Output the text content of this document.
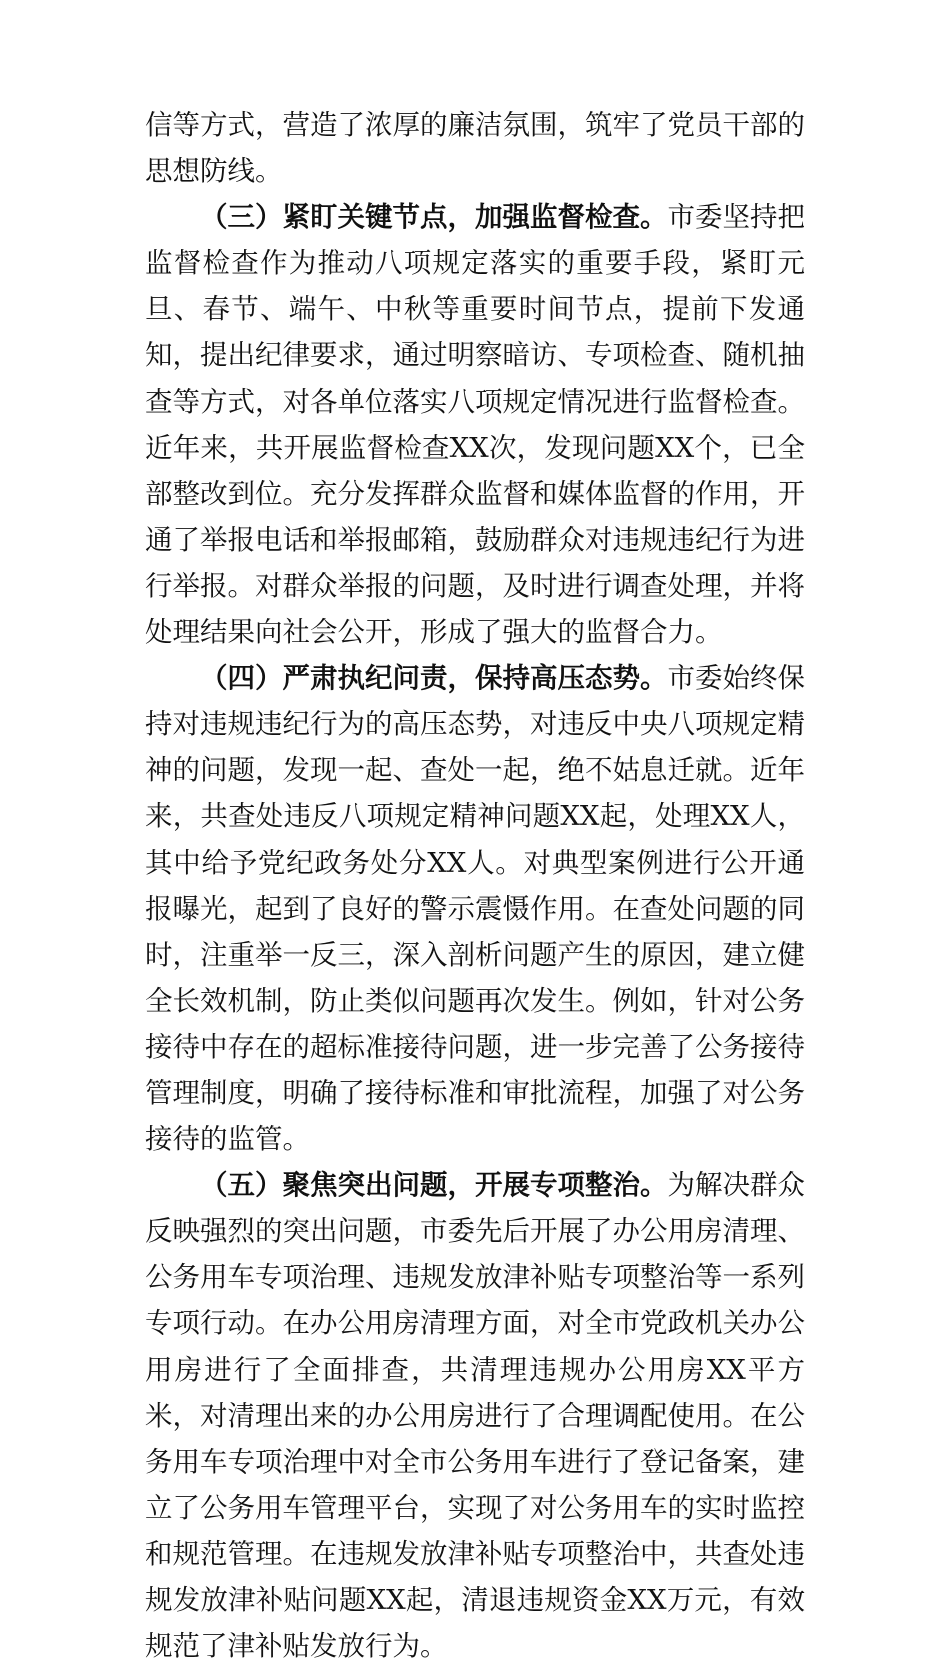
信等方式，营造了浓厚的廉洁氛围，筑牢了党员干部的思想防线。

（三）紧盯关键节点，加强监督检查。市委坚持把监督检查作为推动八项规定落实的重要手段，紧盯元旦、春节、端午、中秋等重要时间节点，提前下发通知，提出纪律要求，通过明察暗访、专项检查、随机抽查等方式，对各单位落实八项规定情况进行监督检查。近年来，共开展监督检查XX次，发现问题XX个，已全部整改到位。充分发挥群众监督和媒体监督的作用，开通了举报电话和举报邮箱，鼓励群众对违规违纪行为进行举报。对群众举报的问题，及时进行调查处理，并将处理结果向社会公开，形成了强大的监督合力。

（四）严肃执纪问责，保持高压态势。市委始终保持对违规违纪行为的高压态势，对违反中央八项规定精神的问题，发现一起、查处一起，绝不姑息迁就。近年来，共查处违反八项规定精神问题XX起，处理XX人，其中给予党纪政务处分XX人。对典型案例进行公开通报曝光，起到了良好的警示震慑作用。在查处问题的同时，注重举一反三，深入剖析问题产生的原因，建立健全长效机制，防止类似问题再次发生。例如，针对公务接待中存在的超标准接待问题，进一步完善了公务接待管理制度，明确了接待标准和审批流程，加强了对公务接待的监管。

（五）聚焦突出问题，开展专项整治。为解决群众反映强烈的突出问题，市委先后开展了办公用房清理、公务用车专项治理、违规发放津补贴专项整治等一系列专项行动。在办公用房清理方面，对全市党政机关办公用房进行了全面排查，共清理违规办公用房XX平方米，对清理出来的办公用房进行了合理调配使用。在公务用车专项治理中对全市公务用车进行了登记备案，建立了公务用车管理平台，实现了对公务用车的实时监控和规范管理。在违规发放津补贴专项整治中，共查处违规发放津补贴问题XX起，清退违规资金XX万元，有效规范了津补贴发放行为。
